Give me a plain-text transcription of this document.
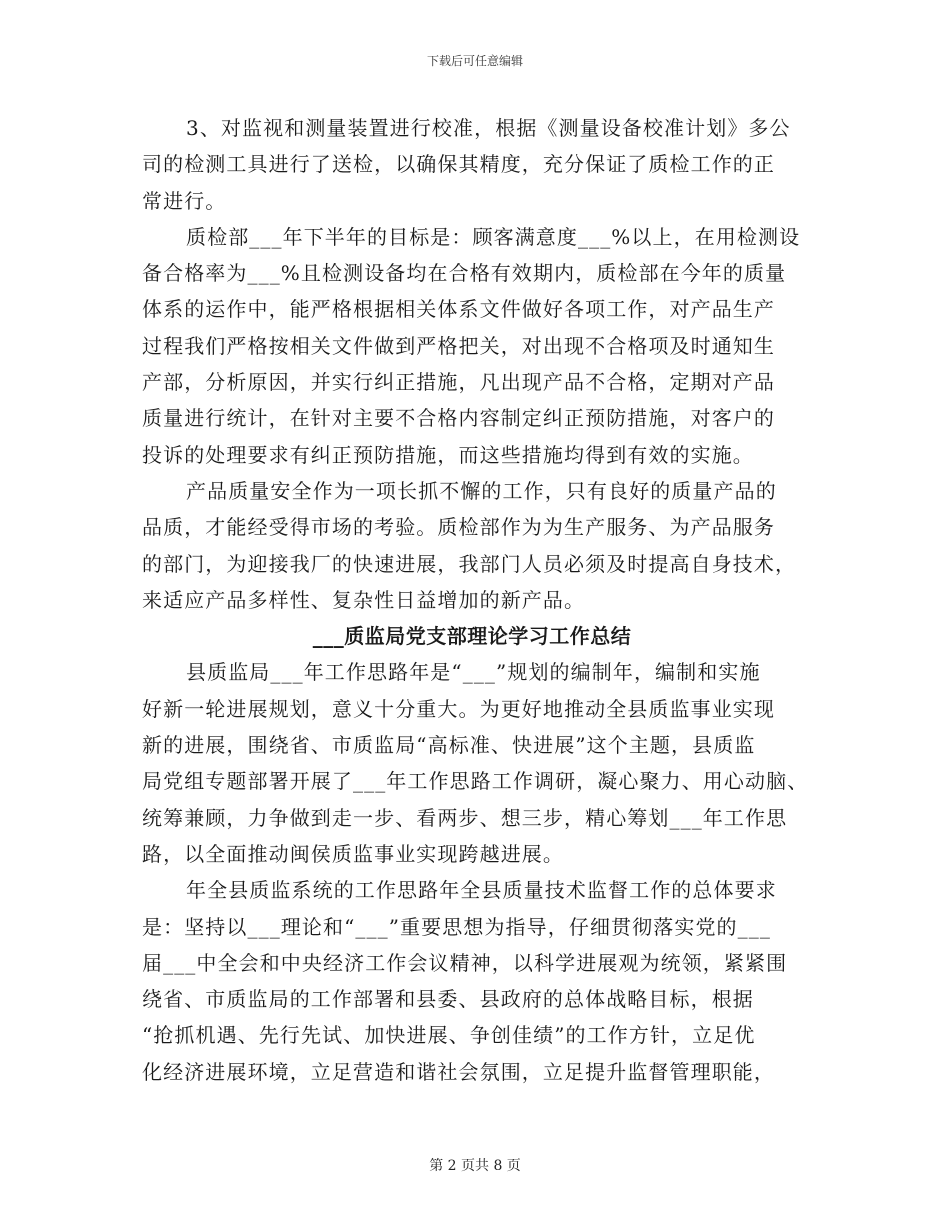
下载后可任意编辑
3、对监视和测量装置进行校准，根据《测量设备校准计划》多公
司的检测工具进行了送检，以确保其精度，充分保证了质检工作的正
常进行。
质检部___年下半年的目标是：顾客满意度___%以上，在用检测设
备合格率为___%且检测设备均在合格有效期内，质检部在今年的质量
体系的运作中，能严格根据相关体系文件做好各项工作，对产品生产
过程我们严格按相关文件做到严格把关，对出现不合格项及时通知生
产部，分析原因，并实行纠正措施，凡出现产品不合格，定期对产品
质量进行统计，在针对主要不合格内容制定纠正预防措施，对客户的
投诉的处理要求有纠正预防措施，而这些措施均得到有效的实施。
产品质量安全作为一项长抓不懈的工作，只有良好的质量产品的
品质，才能经受得市场的考验。质检部作为为生产服务、为产品服务
的部门，为迎接我厂的快速进展，我部门人员必须及时提高自身技术，
来适应产品多样性、复杂性日益增加的新产品。
___质监局党支部理论学习工作总结
县质监局___年工作思路年是“___”规划的编制年，编制和实施
好新一轮进展规划，意义十分重大。为更好地推动全县质监事业实现
新的进展，围绕省、市质监局“高标准、快进展”这个主题，县质监
局党组专题部署开展了___年工作思路工作调研，凝心聚力、用心动脑、
统筹兼顾，力争做到走一步、看两步、想三步，精心筹划___年工作思
路，以全面推动闽侯质监事业实现跨越进展。
年全县质监系统的工作思路年全县质量技术监督工作的总体要求
是：坚持以___理论和“___”重要思想为指导，仔细贯彻落实党的___
届___中全会和中央经济工作会议精神，以科学进展观为统领，紧紧围
绕省、市质监局的工作部署和县委、县政府的总体战略目标，根据
“抢抓机遇、先行先试、加快进展、争创佳绩”的工作方针，立足优
化经济进展环境，立足营造和谐社会氛围，立足提升监督管理职能，
第 2 页共 8 页
